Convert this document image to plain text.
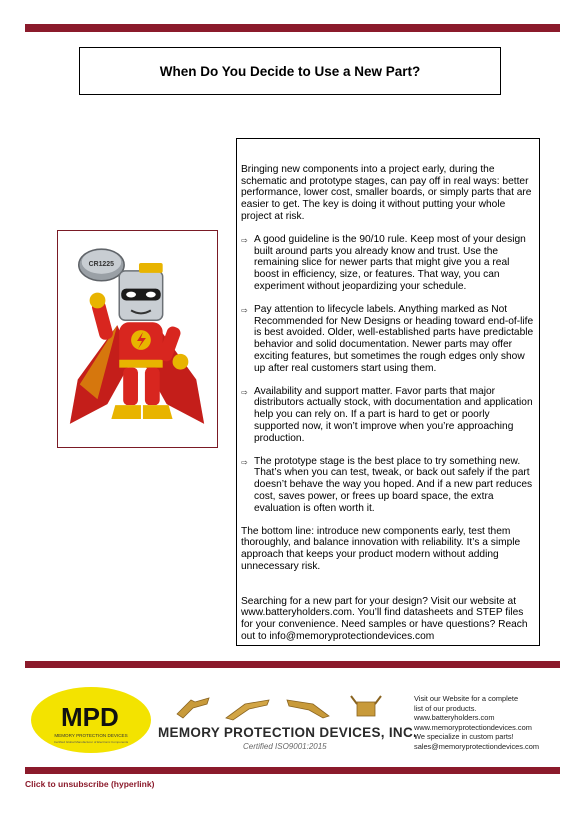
When Do You Decide to Use a New Part?
CR1225

Bringing new components into a project early, during the schematic and prototype stages, can pay off in real ways: better performance, lower cost, smaller boards, or simply parts that are easier to get. The key is doing it without putting your whole project at risk.

⇨ A good guideline is the 90/10 rule. Keep most of your design built around parts you already know and trust. Use the remaining slice for newer parts that might give you a real boost in efficiency, size, or features. That way, you can experiment without jeopardizing your schedule.
⇨ Pay attention to lifecycle labels. Anything marked as Not Recommended for New Designs or heading toward end-of-life is best avoided. Older, well-established parts have predictable behavior and solid documentation. Newer parts may offer exciting features, but sometimes the rough edges only show up after real customers start using them.
⇨ Availability and support matter. Favor parts that major distributors actually stock, with documentation and application help you can rely on. If a part is hard to get or poorly supported now, it won’t improve when you’re approaching production.
⇨ The prototype stage is the best place to try something new. That’s when you can test, tweak, or back out safely if the part doesn’t behave the way you hoped. And if a new part reduces cost, saves power, or frees up board space, the extra evaluation is often worth it.

The bottom line: introduce new components early, test them thoroughly, and balance innovation with reliability. It’s a simple approach that keeps your product modern without adding unnecessary risk.

Searching for a new part for your design? Visit our website at www.batteryholders.com. You’ll find datasheets and STEP files for your convenience. Need samples or have questions? Reach out to info@memoryprotectiondevices.com

MPD
MEMORY PROTECTION DEVICES
Certified Global Manufacturer of Electronic Components
MEMORY PROTECTION DEVICES, INC.
Certified ISO9001:2015
Visit our Website for a complete
list of our products.
www.batteryholders.com
www.memoryprotectiondevices.com
We specialize in custom parts!
sales@memoryprotectiondevices.com
Click to unsubscribe (hyperlink)
